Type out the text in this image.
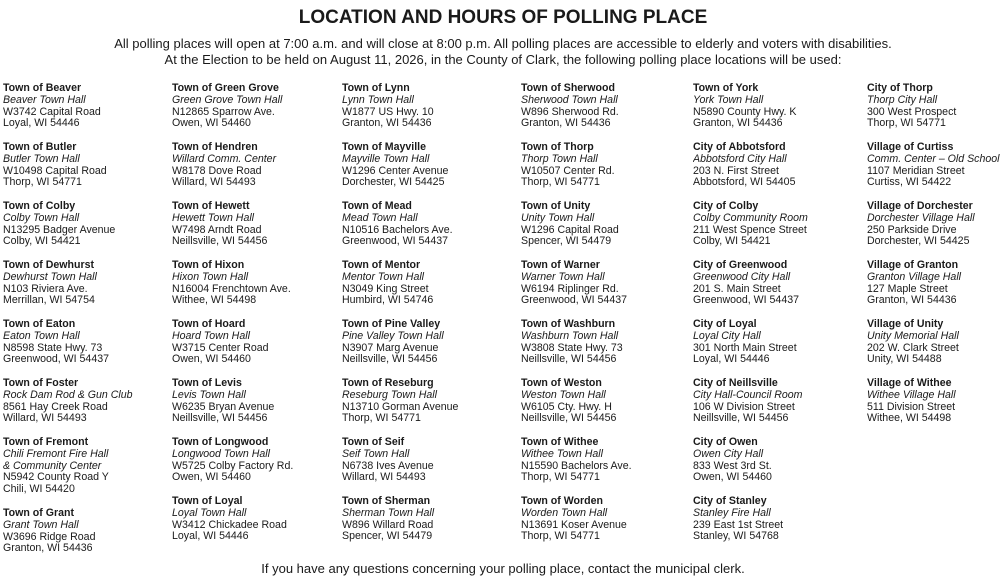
LOCATION AND HOURS OF POLLING PLACE
All polling places will open at 7:00 a.m. and will close at 8:00 p.m. All polling places are accessible to elderly and voters with disabilities.
At the Election to be held on August 11, 2026, in the County of Clark, the following polling place locations will be used:
Town of Beaver
Beaver Town Hall
W3742 Capital Road
Loyal, WI 54446
Town of Butler
Butler Town Hall
W10498 Capital Road
Thorp, WI 54771
Town of Colby
Colby Town Hall
N13295 Badger Avenue
Colby, WI 54421
Town of Dewhurst
Dewhurst Town Hall
N103 Riviera Ave.
Merrillan, WI 54754
Town of Eaton
Eaton Town Hall
N8598 State Hwy. 73
Greenwood, WI 54437
Town of Foster
Rock Dam Rod & Gun Club
8561 Hay Creek Road
Willard, WI 54493
Town of Fremont
Chili Fremont Fire Hall
& Community Center
N5942 County Road Y
Chili, WI 54420
Town of Grant
Grant Town Hall
W3696 Ridge Road
Granton, WI 54436
Town of Green Grove
Green Grove Town Hall
N12865 Sparrow Ave.
Owen, WI 54460
Town of Hendren
Willard Comm. Center
W8178 Dove Road
Willard, WI 54493
Town of Hewett
Hewett Town Hall
W7498 Arndt Road
Neillsville, WI 54456
Town of Hixon
Hixon Town Hall
N16004 Frenchtown Ave.
Withee, WI 54498
Town of Hoard
Hoard Town Hall
W3715 Center Road
Owen, WI 54460
Town of Levis
Levis Town Hall
W6235 Bryan Avenue
Neillsville, WI 54456
Town of Longwood
Longwood Town Hall
W5725 Colby Factory Rd.
Owen, WI 54460
Town of Loyal
Loyal Town Hall
W3412 Chickadee Road
Loyal, WI 54446
Town of Lynn
Lynn Town Hall
W1877 US Hwy. 10
Granton, WI 54436
Town of Mayville
Mayville Town Hall
W1296 Center Avenue
Dorchester, WI 54425
Town of Mead
Mead Town Hall
N10516 Bachelors Ave.
Greenwood, WI 54437
Town of Mentor
Mentor Town Hall
N3049 King Street
Humbird, WI 54746
Town of Pine Valley
Pine Valley Town Hall
N3907 Marg Avenue
Neillsville, WI 54456
Town of Reseburg
Reseburg Town Hall
N13710 Gorman Avenue
Thorp, WI 54771
Town of Seif
Seif Town Hall
N6738 Ives Avenue
Willard, WI 54493
Town of Sherman
Sherman Town Hall
W896 Willard Road
Spencer, WI 54479
Town of Sherwood
Sherwood Town Hall
W896 Sherwood Rd.
Granton, WI 54436
Town of Thorp
Thorp Town Hall
W10507 Center Rd.
Thorp, WI 54771
Town of Unity
Unity Town Hall
W1296 Capital Road
Spencer, WI 54479
Town of Warner
Warner Town Hall
W6194 Riplinger Rd.
Greenwood, WI 54437
Town of Washburn
Washburn Town Hall
W3808 State Hwy. 73
Neillsville, WI 54456
Town of Weston
Weston Town Hall
W6105 Cty. Hwy. H
Neillsville, WI 54456
Town of Withee
Withee Town Hall
N15590 Bachelors Ave.
Thorp, WI 54771
Town of Worden
Worden Town Hall
N13691 Koser Avenue
Thorp, WI 54771
Town of York
York Town Hall
N5890 County Hwy. K
Granton, WI 54436
City of Abbotsford
Abbotsford City Hall
203 N. First Street
Abbotsford, WI 54405
City of Colby
Colby Community Room
211 West Spence Street
Colby, WI 54421
City of Greenwood
Greenwood City Hall
201 S. Main Street
Greenwood, WI 54437
City of Loyal
Loyal City Hall
301 North Main Street
Loyal, WI 54446
City of Neillsville
City Hall-Council Room
106 W Division Street
Neillsville, WI 54456
City of Owen
Owen City Hall
833 West 3rd St.
Owen, WI 54460
City of Stanley
Stanley Fire Hall
239 East 1st Street
Stanley, WI 54768
City of Thorp
Thorp City Hall
300 West Prospect
Thorp, WI 54771
Village of Curtiss
Comm. Center – Old School
1107 Meridian Street
Curtiss, WI 54422
Village of Dorchester
Dorchester Village Hall
250 Parkside Drive
Dorchester, WI 54425
Village of Granton
Granton Village Hall
127 Maple Street
Granton, WI 54436
Village of Unity
Unity Memorial Hall
202 W. Clark Street
Unity, WI 54488
Village of Withee
Withee Village Hall
511 Division Street
Withee, WI 54498
If you have any questions concerning your polling place, contact the municipal clerk.
